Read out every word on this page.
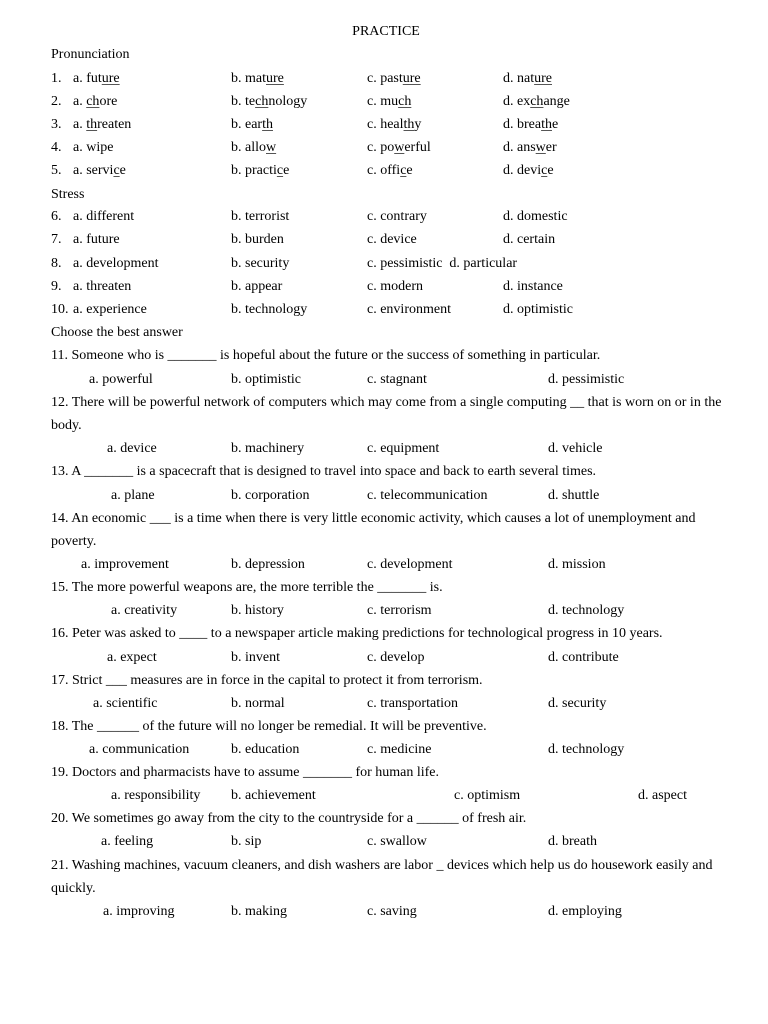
PRACTICE
Pronunciation
1. a. future	b. mature	c. pasture	d. nature
2. a. chore	b. technology	c. much	d. exchange
3. a. threaten	b. earth	c. healthy	d. breathe
4. a. wipe	b. allow	c. powerful	d. answer
5. a. service	b. practice	c. office	d. device
Stress
6. a. different	b. terrorist	c. contrary	d. domestic
7. a. future	b. burden	c. device	d. certain
8. a. development	b. security	c. pessimistic  d. particular
9. a. threaten	b. appear	c. modern	d. instance
10. a. experience	b. technology	c. environment	d. optimistic
Choose the best answer
11. Someone who is _______ is hopeful about the future or the success of something in particular.
a. powerful	b. optimistic	c. stagnant	d. pessimistic
12. There will be powerful network of computers which may come from a single computing __ that is worn on or in the body.
a. device	b. machinery	c. equipment	d. vehicle
13. A _______ is a spacecraft that is designed to travel into space and back to earth several times.
a. plane	b. corporation	c. telecommunication	d. shuttle
14. An economic ___ is a time when there is very little economic activity, which causes a lot of unemployment and poverty.
a. improvement	b. depression	c. development	d. mission
15. The more powerful weapons are, the more terrible the _______ is.
a. creativity	b. history	c. terrorism	d. technology
16. Peter was asked to ____ to a newspaper article making predictions for technological progress in 10 years.
a. expect	b. invent	c. develop	d. contribute
17. Strict ___ measures are in force in the capital to protect it from terrorism.
a. scientific	b. normal	c. transportation	d. security
18. The ______ of the future will no longer be remedial. It will be preventive.
a. communication	b. education	c. medicine	d. technology
19. Doctors and pharmacists have to assume _______ for human life.
a. responsibility b. achievement	c. optimism	d. aspect
20. We sometimes go away from the city to the countryside for a ______ of fresh air.
a. feeling	b. sip	c. swallow	d. breath
21. Washing machines, vacuum cleaners, and dish washers are labor _ devices which help us do housework easily and quickly.
a. improving	b. making	c. saving	d. employing
